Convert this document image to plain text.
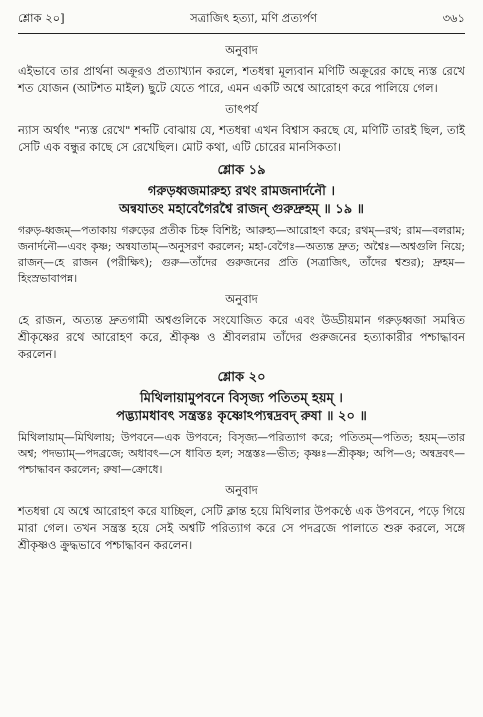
শ্লোক ২০]	সত্রাজিৎ হত্যা, মণি প্রত্যর্পণ	৩৬১
অনুবাদ

এইভাবে তার প্রার্থনা অক্রূরও প্রত্যাখ্যান করলে, শতধন্বা মূল্যবান মণিটি অক্রূরের কাছে ন্যস্ত রেখে শত যোজন (আটশত মাইল) ছুটে যেতে পারে, এমন একটি অশ্বে আরোহণ করে পালিয়ে গেল।

তাৎপর্য

ন্যাস অর্থাৎ "ন্যস্ত রেখে" শব্দটি বোঝায় যে, শতধন্বা এখন বিশ্বাস করছে যে, মণিটি তারই ছিল, তাই সেটি এক বন্ধুর কাছে সে রেখেছিল। মোট কথা, এটি চোরের মানসিকতা।

শ্লোক ১৯
গরুড়ধ্বজমারুহ্য রথং রামজনার্দনৌ ।
অন্বযাতং মহাবেগৈরশ্বৈ রাজন্ গুরুদ্রুহম্ ॥ ১৯ ॥

গরুড়-ধ্বজম্—পতাকায় গরুড়ের প্রতীক চিহ্ন বিশিষ্ট; আরুহ্য—আরোহণ করে; রথম্—রথ; রাম—বলরাম; জনার্দনৌ—এবং কৃষ্ণ; অন্বযাতাম্—অনুসরণ করলেন; মহা-বেগৈঃ—অত্যন্ত দ্রুত; অশ্বৈঃ—অশ্বগুলি নিয়ে; রাজন্—হে রাজন (পরীক্ষিৎ); গুরু—তাঁদের গুরুজনের প্রতি (সত্রাজিৎ, তাঁদের শ্বশুর); দ্রুহম—হিংস্রভাবাপন্ন।

অনুবাদ

হে রাজন, অত্যন্ত দ্রুতগামী অশ্বগুলিকে সংযোজিত করে এবং উড্ডীয়মান গরুড়ধ্বজা সমন্বিত শ্রীকৃষ্ণের রথে আরোহণ করে, শ্রীকৃষ্ণ ও শ্রীবলরাম তাঁদের গুরুজনের হত্যাকারীর পশ্চাদ্ধাবন করলেন।

শ্লোক ২০
মিথিলায়ামুপবনে বিসৃজ্য পতিতম্ হয়ম্ ।
পদ্ভ্যামধাবৎ সন্ত্রস্তঃ কৃষ্ণোঽপ্যন্বদ্রবদ্ রুষা ॥ ২০ ॥

মিথিলায়াম্—মিথিলায়; উপবনে—এক উপবনে; বিসৃজ্য—পরিত্যাগ করে; পতিতম্—পতিত; হয়ম্—তার অশ্ব; পদভ্যাম্—পদব্রজে; অধাবৎ—সে ধাবিত হল; সন্ত্রস্তঃ—ভীত; কৃষ্ণঃ—শ্রীকৃষ্ণ; অপি—ও; অন্বদ্রবৎ—পশ্চাদ্ধাবন করলেন; রুষা—ক্রোধে।

অনুবাদ

শতধন্বা যে অশ্বে আরোহণ করে যাচ্ছিল, সেটি ক্লান্ত হয়ে মিথিলার উপকণ্ঠে এক উপবনে, পড়ে গিয়ে মারা গেল। তখন সন্ত্রস্ত হয়ে সেই অশ্বটি পরিত্যাগ করে সে পদব্রজে পালাতে শুরু করলে, সঙ্গে শ্রীকৃষ্ণও ক্রুদ্ধভাবে পশ্চাদ্ধাবন করলেন।
